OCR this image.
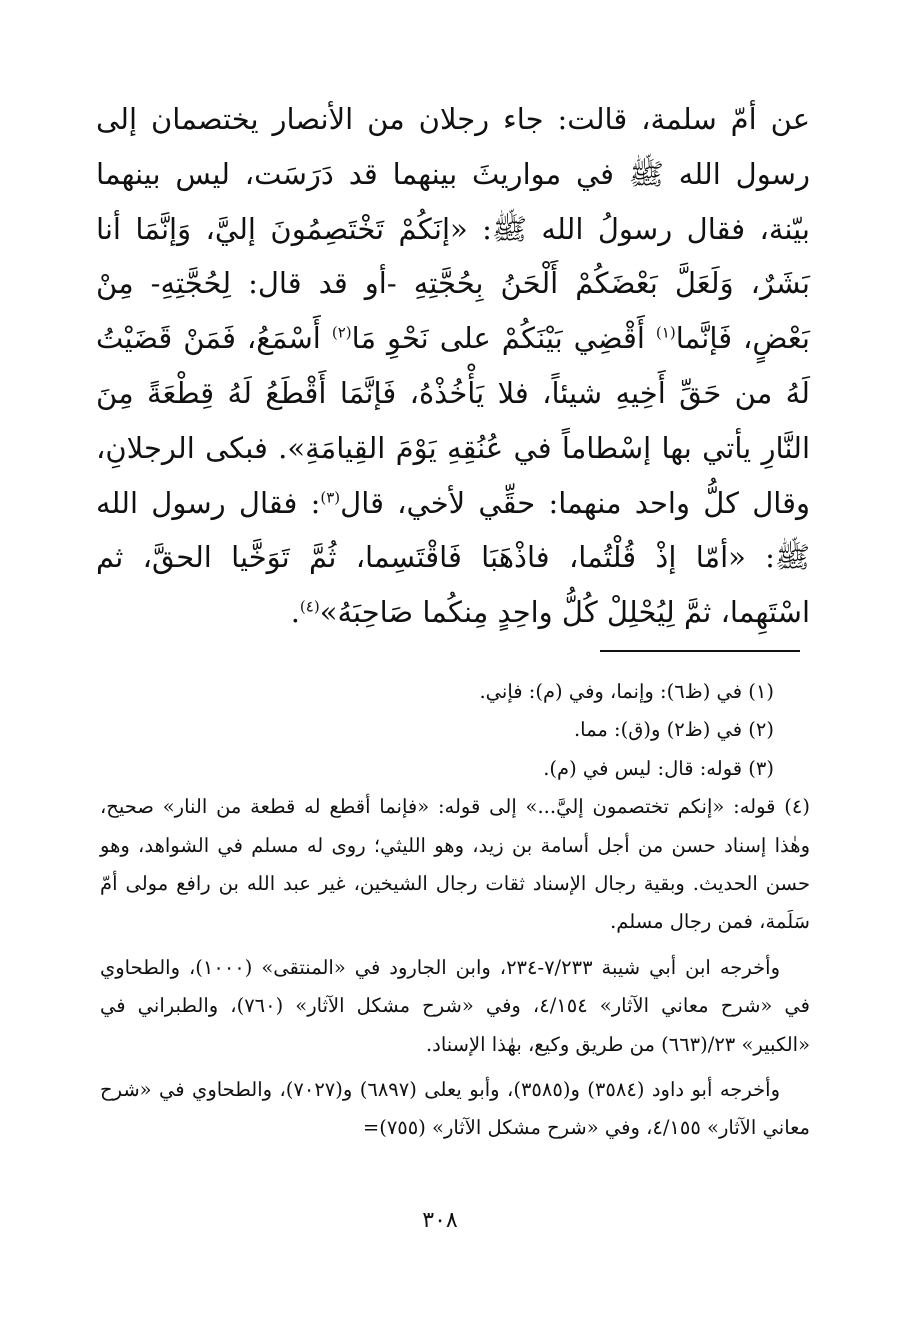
عن أمّ سلمة، قالت: جاء رجلان من الأنصار يختصمان إلى رسول الله ﷺ في مواريثَ بينهما قد دَرَسَت، ليس بينهما بيّنة، فقال رسولُ الله ﷺ: «إنَكُمْ تَخْتَصِمُونَ إليَّ، وَإنَّمَا أنا بَشَرٌ، وَلَعَلَّ بَعْضَكُمْ أَلْحَنُ بِحُجَّتِهِ -أو قد قال: لِحُجَّتِهِ- مِنْ بَعْضٍ، فَإنَّما$^{(١)}$ أَقْضِي بَيْنَكُمْ على نَحْوِ مَا$^{(٢)}$ أَسْمَعُ، فَمَنْ قَضَيْتُ لَهُ من حَقِّ أَخِيهِ شيئاً، فلا يَأْخُذْهُ، فَإنَّمَا أَقْطَعُ لَهُ قِطْعَةً مِنَ النَّارِ يأتي بها إسْطاماً في عُنُقِهِ يَوْمَ القِيامَةِ». فبكى الرجلانِ، وقال كلُّ واحد منهما: حقِّي لأخي، قال$^{(٣)}$: فقال رسول الله ﷺ: «أمّا إذْ قُلْتُما، فاذْهَبَا فَاقْتَسِما، ثُمَّ تَوَخَّيا الحقَّ، ثم اسْتَهِما، ثمَّ لِيُحْلِلْ كُلُّ واحِدٍ مِنكُما صَاحِبَهُ»$^{(٤)}$.

(١) في (ظ٦): وإنما، وفي (م): فإني.

(٢) في (ظ٢) و(ق): مما.

(٣) قوله: قال: ليس في (م).

(٤) قوله: «إنكم تختصمون إليَّ...» إلى قوله: «فإنما أقطع له قطعة من النار» صحيح، وهٰذا إسناد حسن من أجل أسامة بن زيد، وهو الليثي؛ روى له مسلم في الشواهد، وهو حسن الحديث. وبقية رجال الإسناد ثقات رجال الشيخين، غير عبد الله بن رافع مولى أمّ سَلَمة، فمن رجال مسلم.

وأخرجه ابن أبي شيبة ٧/٢٣٣-٢٣٤، وابن الجارود في «المنتقى» (١٠٠٠)، والطحاوي في «شرح معاني الآثار» ٤/١٥٤، وفي «شرح مشكل الآثار» (٧٦٠)، والطبراني في «الكبير» ٢٣/(٦٦٣) من طريق وكيع، بهٰذا الإسناد.

وأخرجه أبو داود (٣٥٨٤) و(٣٥٨٥)، وأبو يعلى (٦٨٩٧) و(٧٠٢٧)، والطحاوي في «شرح معاني الآثار» ٤/١٥٥، وفي «شرح مشكل الآثار» (٧٥٥)=

٣٠٨
